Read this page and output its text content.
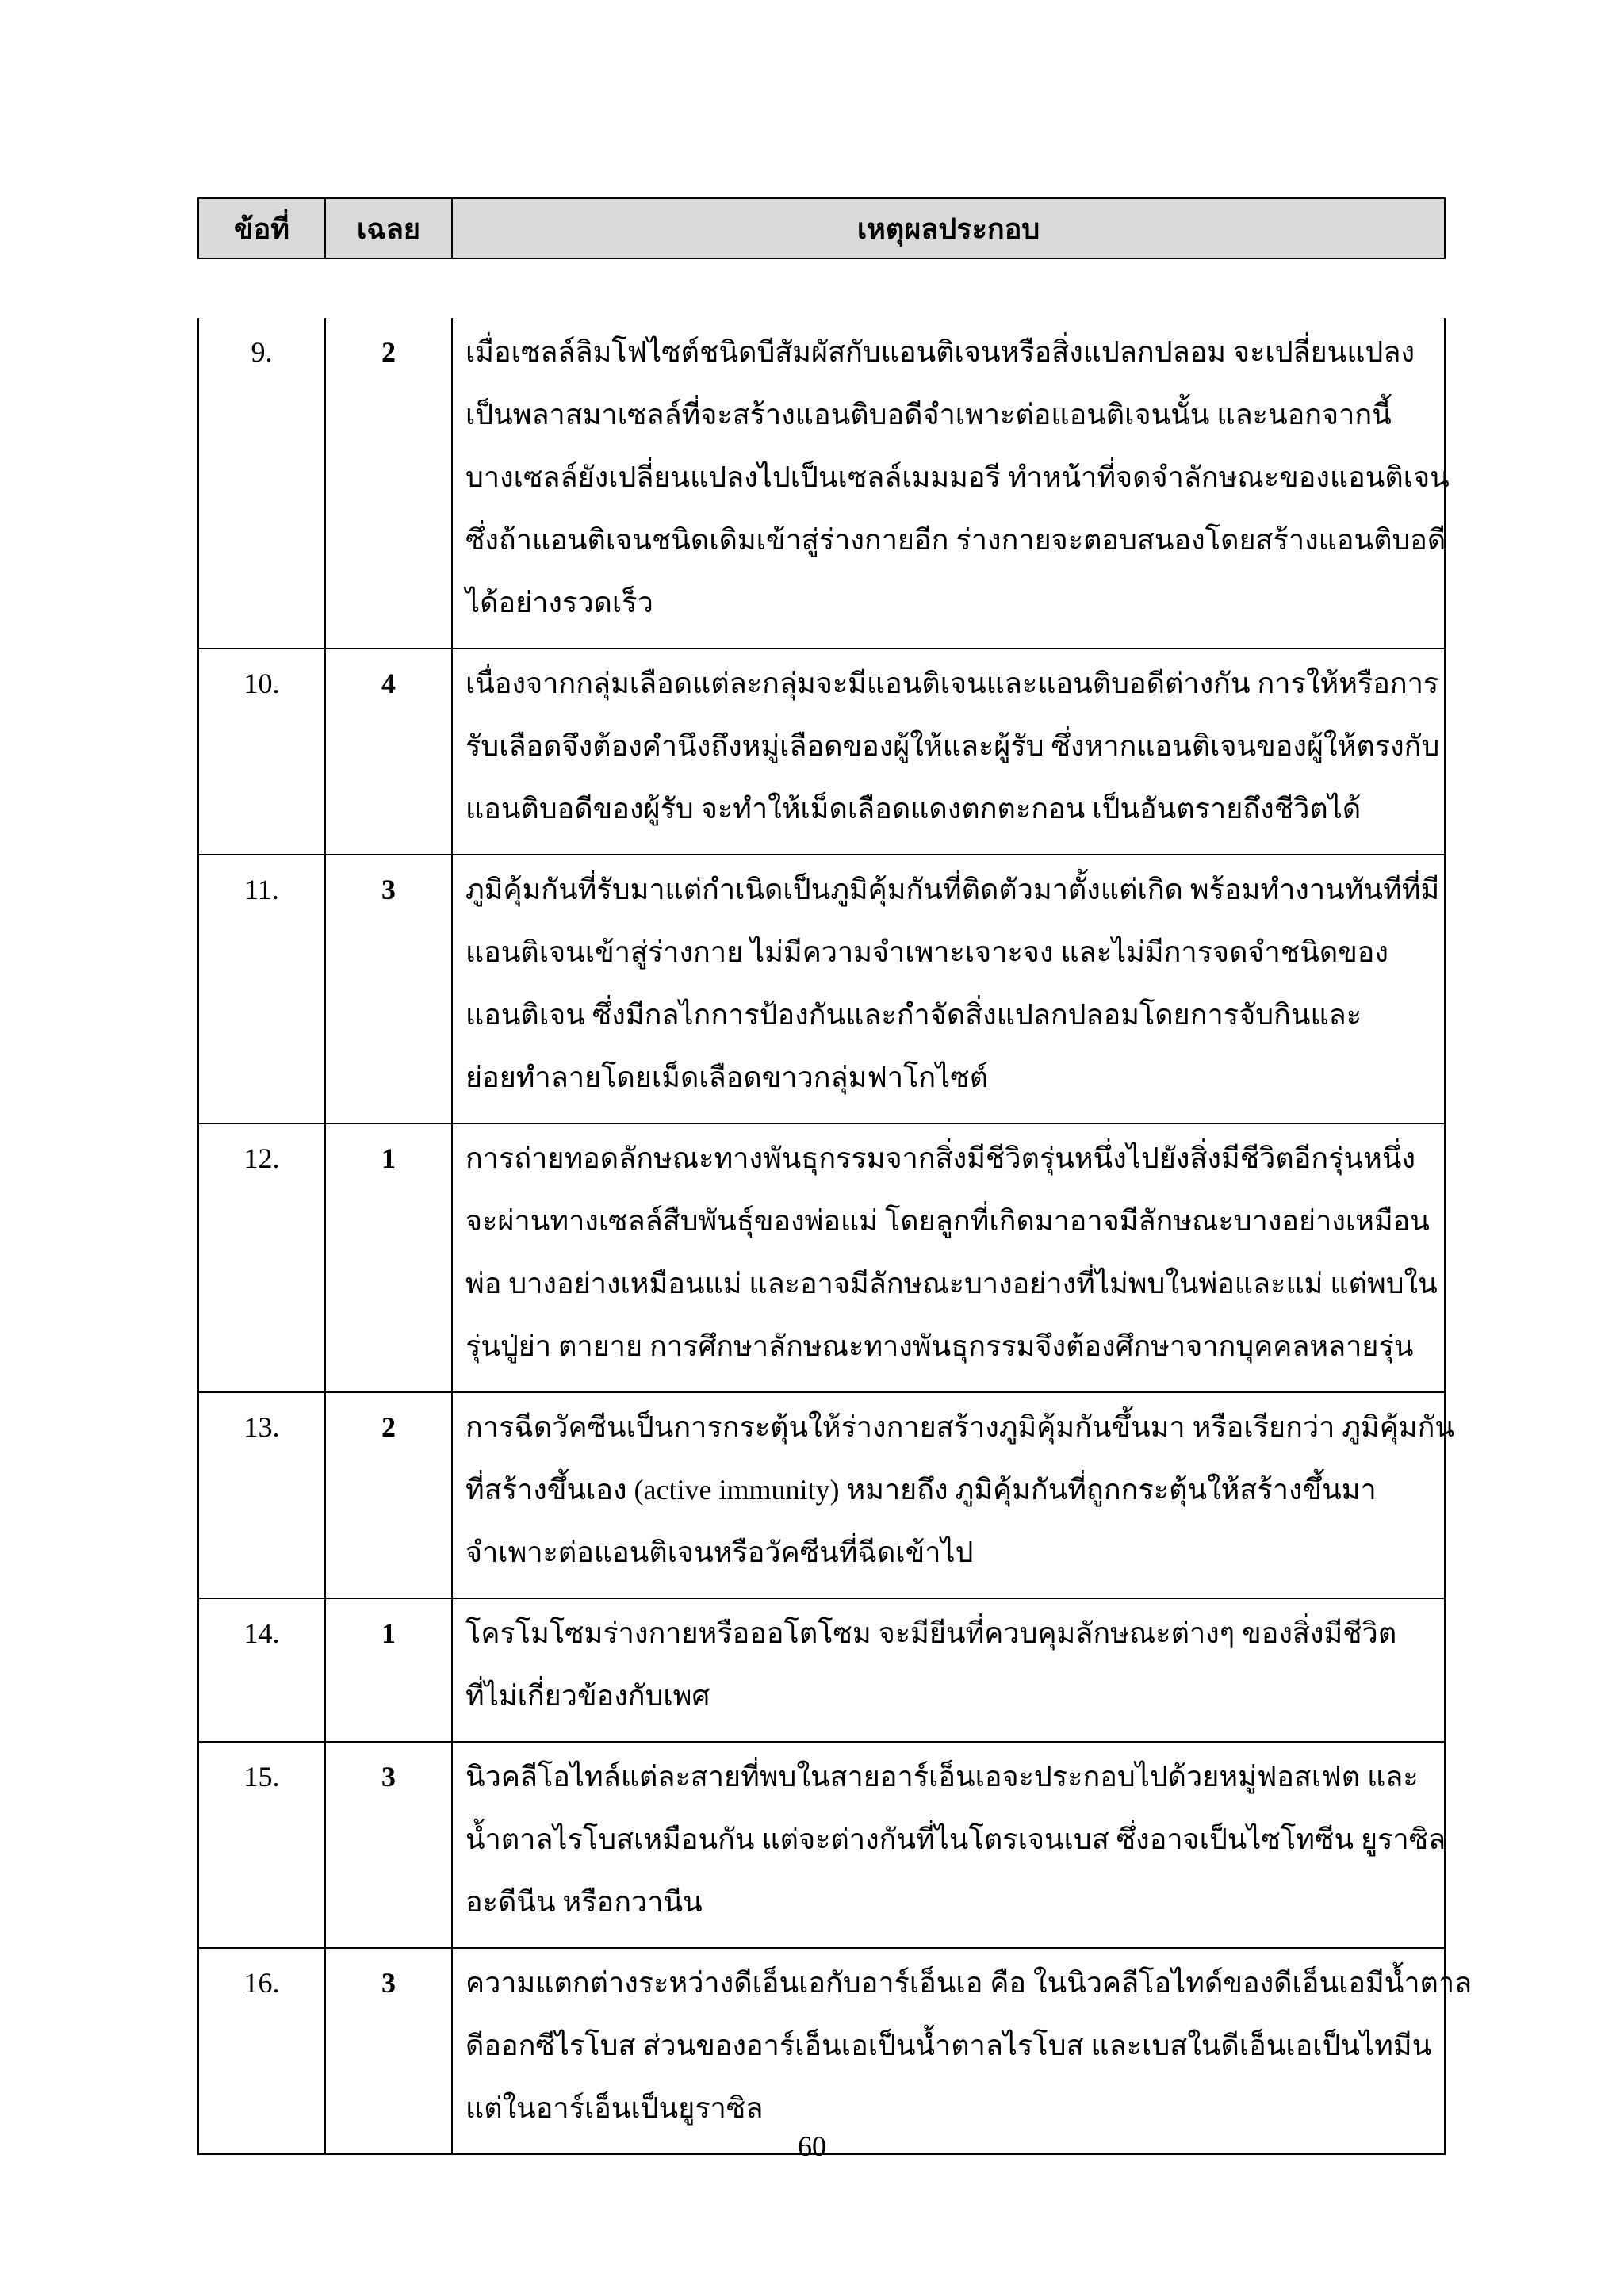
ข้อที่	เฉลย	เหตุผลประกอบ
9.	2	เมื่อเซลล์ลิมโฟไซต์ชนิดบีสัมผัสกับแอนติเจนหรือสิ่งแปลกปลอม จะเปลี่ยนแปลง
เป็นพลาสมาเซลล์ที่จะสร้างแอนติบอดีจำเพาะต่อแอนติเจนนั้น และนอกจากนี้
บางเซลล์ยังเปลี่ยนแปลงไปเป็นเซลล์เมมมอรี ทำหน้าที่จดจำลักษณะของแอนติเจน
ซึ่งถ้าแอนติเจนชนิดเดิมเข้าสู่ร่างกายอีก ร่างกายจะตอบสนองโดยสร้างแอนติบอดี
ได้อย่างรวดเร็ว

10.	4	เนื่องจากกลุ่มเลือดแต่ละกลุ่มจะมีแอนติเจนและแอนติบอดีต่างกัน การให้หรือการ
รับเลือดจึงต้องคำนึงถึงหมู่เลือดของผู้ให้และผู้รับ ซึ่งหากแอนติเจนของผู้ให้ตรงกับ
แอนติบอดีของผู้รับ จะทำให้เม็ดเลือดแดงตกตะกอน เป็นอันตรายถึงชีวิตได้

11.	3	ภูมิคุ้มกันที่รับมาแต่กำเนิดเป็นภูมิคุ้มกันที่ติดตัวมาตั้งแต่เกิด พร้อมทำงานทันทีที่มี
แอนติเจนเข้าสู่ร่างกาย ไม่มีความจำเพาะเจาะจง และไม่มีการจดจำชนิดของ
แอนติเจน ซึ่งมีกลไกการป้องกันและกำจัดสิ่งแปลกปลอมโดยการจับกินและ
ย่อยทำลายโดยเม็ดเลือดขาวกลุ่มฟาโกไซต์

12.	1	การถ่ายทอดลักษณะทางพันธุกรรมจากสิ่งมีชีวิตรุ่นหนึ่งไปยังสิ่งมีชีวิตอีกรุ่นหนึ่ง
จะผ่านทางเซลล์สืบพันธุ์ของพ่อแม่ โดยลูกที่เกิดมาอาจมีลักษณะบางอย่างเหมือน
พ่อ บางอย่างเหมือนแม่ และอาจมีลักษณะบางอย่างที่ไม่พบในพ่อและแม่ แต่พบใน
รุ่นปู่ย่า ตายาย การศึกษาลักษณะทางพันธุกรรมจึงต้องศึกษาจากบุคคลหลายรุ่น

13.	2	การฉีดวัคซีนเป็นการกระตุ้นให้ร่างกายสร้างภูมิคุ้มกันขึ้นมา หรือเรียกว่า ภูมิคุ้มกัน
ที่สร้างขึ้นเอง (active immunity) หมายถึง ภูมิคุ้มกันที่ถูกกระตุ้นให้สร้างขึ้นมา
จำเพาะต่อแอนติเจนหรือวัคซีนที่ฉีดเข้าไป

14.	1	โครโมโซมร่างกายหรือออโตโซม จะมียีนที่ควบคุมลักษณะต่างๆ ของสิ่งมีชีวิต
ที่ไม่เกี่ยวข้องกับเพศ

15.	3	นิวคลีโอไทล์แต่ละสายที่พบในสายอาร์เอ็นเอจะประกอบไปด้วยหมู่ฟอสเฟต และ
น้ำตาลไรโบสเหมือนกัน แต่จะต่างกันที่ไนโตรเจนเบส ซึ่งอาจเป็นไซโทซีน ยูราซิล
อะดีนีน หรือกวานีน

16.	3	ความแตกต่างระหว่างดีเอ็นเอกับอาร์เอ็นเอ คือ ในนิวคลีโอไทด์ของดีเอ็นเอมีน้ำตาล
ดีออกซีไรโบส ส่วนของอาร์เอ็นเอเป็นน้ำตาลไรโบส และเบสในดีเอ็นเอเป็นไทมีน
แต่ในอาร์เอ็นเป็นยูราซิล
60
